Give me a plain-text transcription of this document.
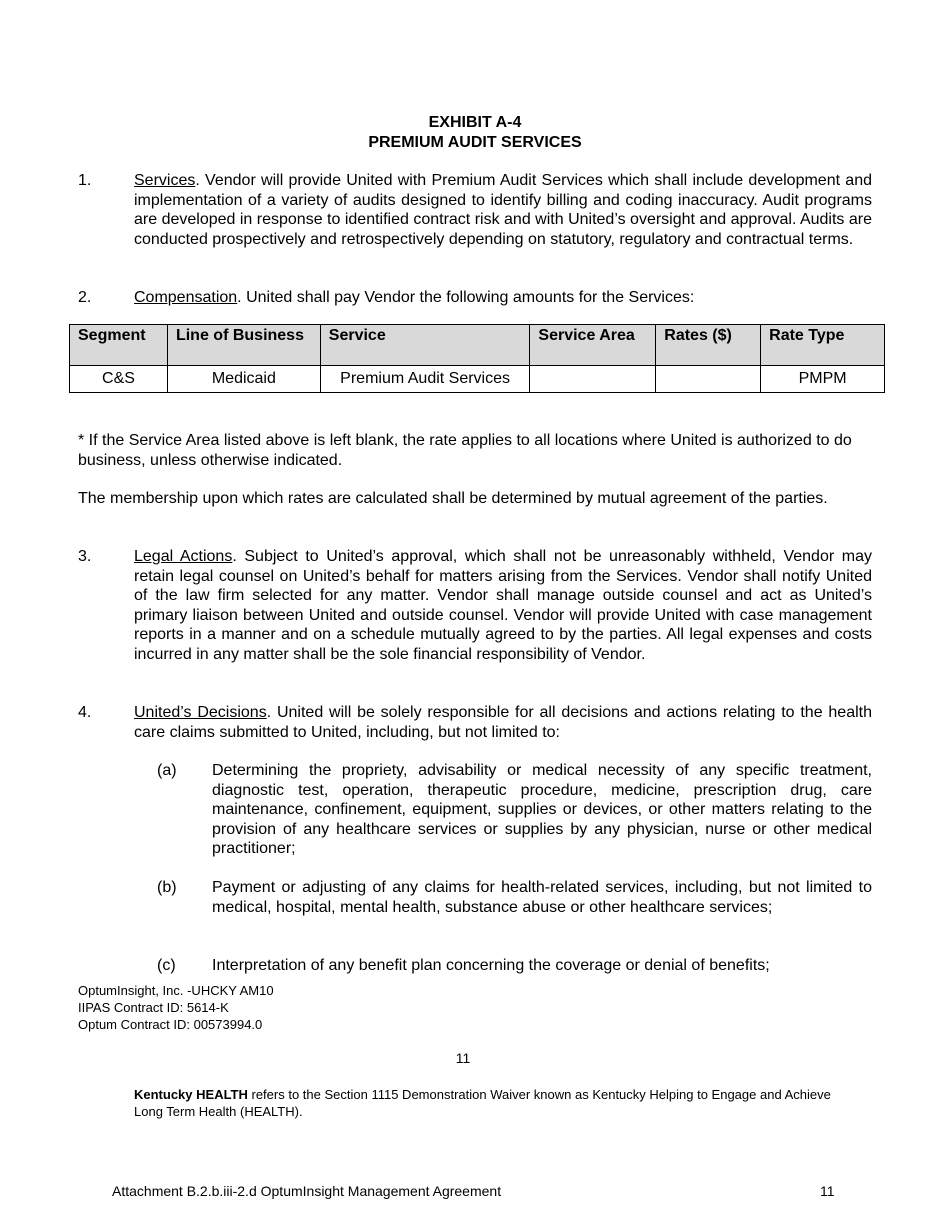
EXHIBIT A-4
PREMIUM AUDIT SERVICES
1.	Services. Vendor will provide United with Premium Audit Services which shall include development and implementation of a variety of audits designed to identify billing and coding inaccuracy. Audit programs are developed in response to identified contract risk and with United’s oversight and approval. Audits are conducted prospectively and retrospectively depending on statutory, regulatory and contractual terms.
2.	Compensation. United shall pay Vendor the following amounts for the Services:
Segment	Line of Business	Service	Service Area	Rates ($)	Rate Type
C&S	Medicaid	Premium Audit Services			PMPM
* If the Service Area listed above is left blank, the rate applies to all locations where United is authorized to do business, unless otherwise indicated.
The membership upon which rates are calculated shall be determined by mutual agreement of the parties.
3.	Legal Actions. Subject to United’s approval, which shall not be unreasonably withheld, Vendor may retain legal counsel on United’s behalf for matters arising from the Services. Vendor shall notify United of the law firm selected for any matter. Vendor shall manage outside counsel and act as United’s primary liaison between United and outside counsel. Vendor will provide United with case management reports in a manner and on a schedule mutually agreed to by the parties. All legal expenses and costs incurred in any matter shall be the sole financial responsibility of Vendor.
4.	United’s Decisions. United will be solely responsible for all decisions and actions relating to the health care claims submitted to United, including, but not limited to:
(a) Determining the propriety, advisability or medical necessity of any specific treatment, diagnostic test, operation, therapeutic procedure, medicine, prescription drug, care maintenance, confinement, equipment, supplies or devices, or other matters relating to the provision of any healthcare services or supplies by any physician, nurse or other medical practitioner;
(b) Payment or adjusting of any claims for health-related services, including, but not limited to medical, hospital, mental health, substance abuse or other healthcare services;
(c) Interpretation of any benefit plan concerning the coverage or denial of benefits;
OptumInsight, Inc. -UHCKY AM10
IIPAS Contract ID: 5614-K
Optum Contract ID: 00573994.0
11
Kentucky HEALTH refers to the Section 1115 Demonstration Waiver known as Kentucky Helping to Engage and Achieve Long Term Health (HEALTH).
Attachment B.2.b.iii-2.d OptumInsight Management Agreement	11
